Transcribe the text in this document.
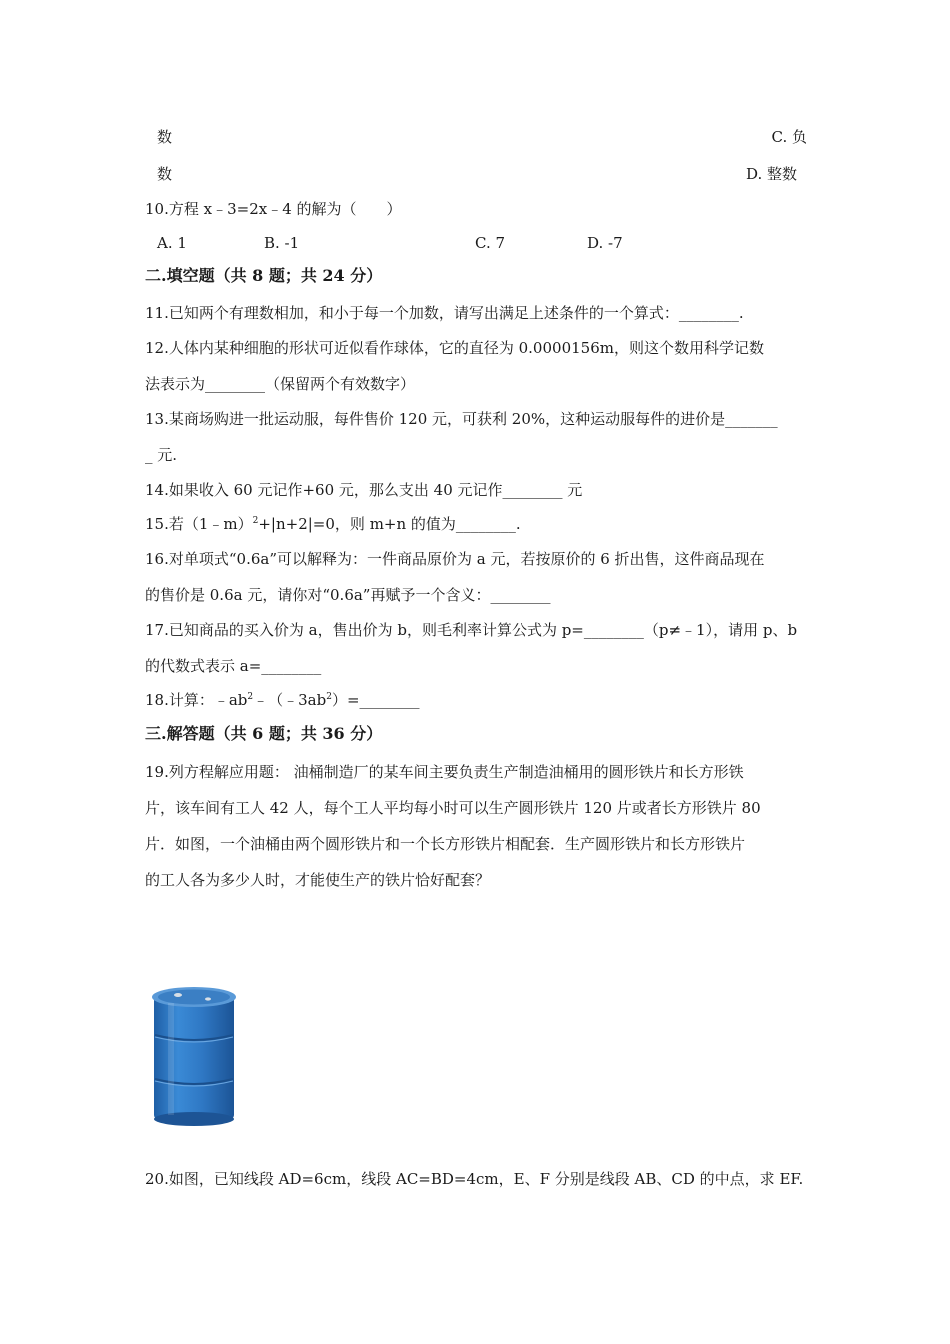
数	C. 负
数	D. 整数
10.方程 x﹣3=2x﹣4 的解为（　　）
A. 1	B. -1	C. 7	D. -7
二.填空题（共 8 题；共 24 分）
11.已知两个有理数相加，和小于每一个加数，请写出满足上述条件的一个算式：________.
12.人体内某种细胞的形状可近似看作球体，它的直径为 0.0000156m，则这个数用科学记数
法表示为________（保留两个有效数字）
13.某商场购进一批运动服，每件售价 120 元，可获利 20%，这种运动服每件的进价是_______
_ 元.
14.如果收入 60 元记作+60 元，那么支出 40 元记作________ 元
15.若（1﹣m）$^2$+|n+2|=0，则 m+n 的值为________.
16.对单项式“0.6a”可以解释为：一件商品原价为 a 元，若按原价的 6 折出售，这件商品现在
的售价是 0.6a 元，请你对“0.6a”再赋予一个含义：________
17.已知商品的买入价为 a，售出价为 b，则毛利率计算公式为 p=________（p≠﹣1），请用 p、b
的代数式表示 a=________
18.计算：$﹣ab^2﹣(﹣3ab^2)=\_\_\_\_\_\_\_\_$
三.解答题（共 6 题；共 36 分）
19.列方程解应用题： 油桶制造厂的某车间主要负责生产制造油桶用的圆形铁片和长方形铁
片，该车间有工人 42 人，每个工人平均每小时可以生产圆形铁片 120 片或者长方形铁片 80
片．如图，一个油桶由两个圆形铁片和一个长方形铁片相配套．生产圆形铁片和长方形铁片
的工人各为多少人时，才能使生产的铁片恰好配套？
20.如图，已知线段 AD=6cm，线段 AC=BD=4cm，E、F 分别是线段 AB、CD 的中点，求 EF.
